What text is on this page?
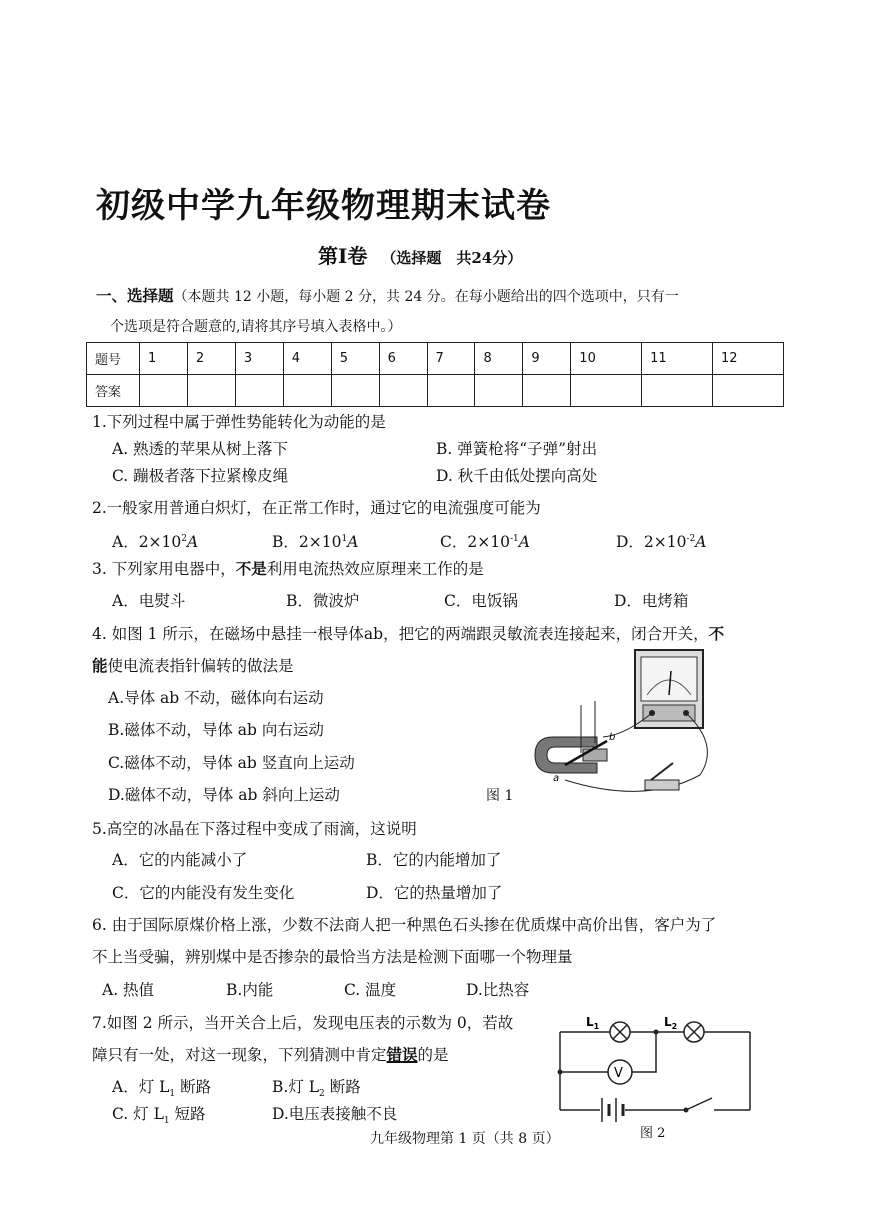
初级中学九年级物理期末试卷
第Ⅰ卷 （选择题　共24分）
一、选择题（本题共 12 小题，每小题 2 分，共 24 分。在每小题给出的四个选项中，只有一
个选项是符合题意的,请将其序号填入表格中。）
题号	1	2	3	4	5	6	7	8	9	10	11	12
答案												
1.下列过程中属于弹性势能转化为动能的是
A. 熟透的苹果从树上落下	B. 弹簧枪将“子弹”射出
C. 蹦极者落下拉紧橡皮绳	D. 秋千由低处摆向高处
2.一般家用普通白炽灯，在正常工作时，通过它的电流强度可能为
A．$2\times 10^2A$	B．$2\times 10^1A$	C．$2\times 10^{-1}A$	D．$2\times 10^{-2}A$
3. 下列家用电器中，不是利用电流热效应原理来工作的是
A．电熨斗	B．微波炉	C．电饭锅	D．电烤箱
4. 如图 1 所示，在磁场中悬挂一根导体ab，把它的两端跟灵敏流表连接起来，闭合开关，不
能使电流表指针偏转的做法是
A.导体 ab 不动，磁体向右运动
B.磁体不动，导体 ab 向右运动
C.磁体不动，导体 ab 竖直向上运动
D.磁体不动，导体 ab 斜向上运动	图 1
a
b
5.高空的冰晶在下落过程中变成了雨滴，这说明
A．它的内能减小了	B．它的内能增加了
C．它的内能没有发生变化	D．它的热量增加了
6. 由于国际原煤价格上涨，少数不法商人把一种黑色石头掺在优质煤中高价出售，客户为了
不上当受骗，辨别煤中是否掺杂的最恰当方法是检测下面哪一个物理量
A. 热值	B.内能	C. 温度	D.比热容
7.如图 2 所示，当开关合上后，发现电压表的示数为 0，若故
障只有一处，对这一现象，下列猜测中肯定错误的是
A．灯 $L_1$ 断路	B.灯 $L_2$ 断路
C. 灯 $L_1$ 短路	D.电压表接触不良
V
$L_1$	$L_2$
图 2
九年级物理第 1 页（共 8 页）
